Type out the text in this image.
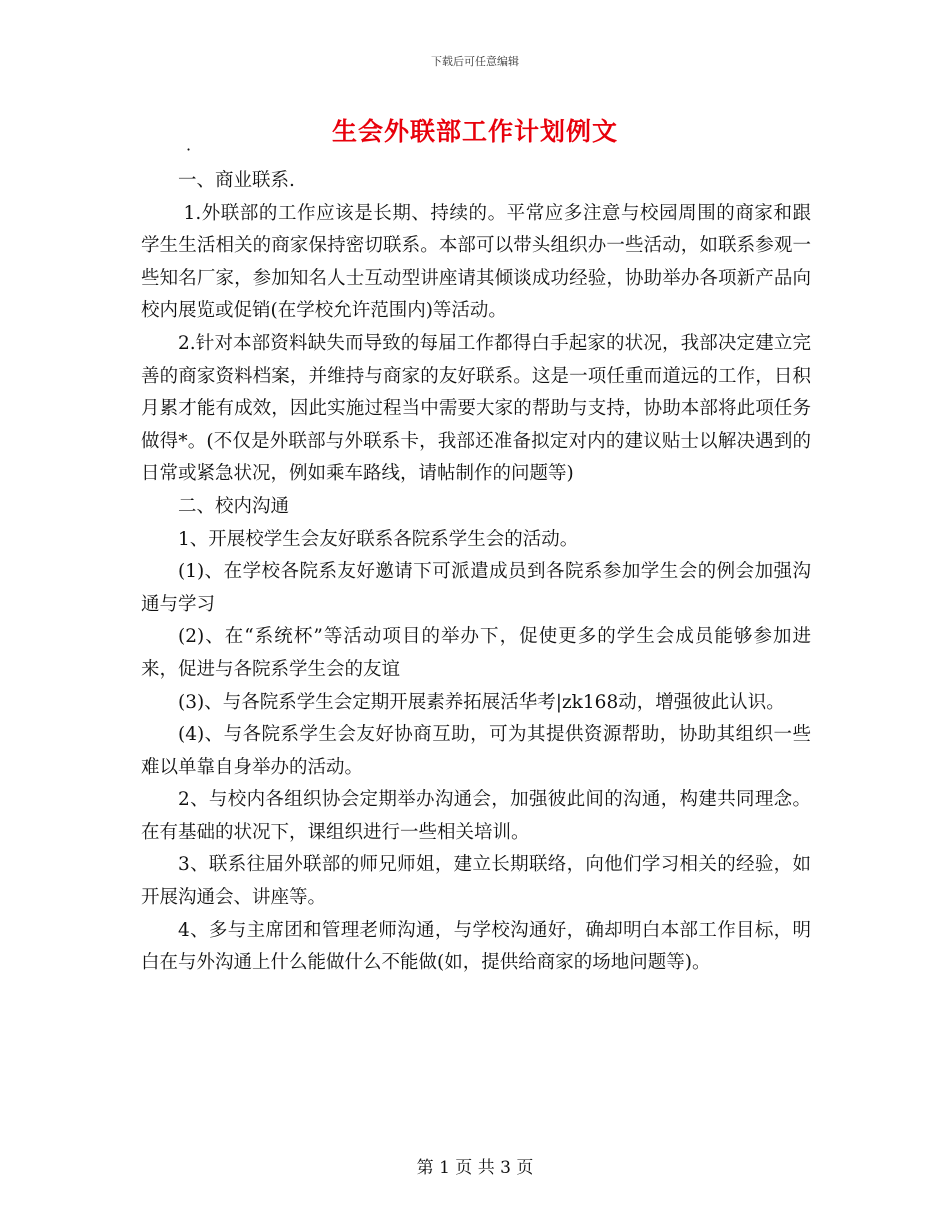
下载后可任意编辑
生会外联部工作计划例文
·

一、商业联系.

1.外联部的工作应该是长期、持续的。平常应多注意与校园周围的商家和跟学生生活相关的商家保持密切联系。本部可以带头组织办一些活动，如联系参观一些知名厂家，参加知名人士互动型讲座请其倾谈成功经验，协助举办各项新产品向校内展览或促销(在学校允许范围内)等活动。

2.针对本部资料缺失而导致的每届工作都得白手起家的状况，我部决定建立完善的商家资料档案，并维持与商家的友好联系。这是一项任重而道远的工作，日积月累才能有成效，因此实施过程当中需要大家的帮助与支持，协助本部将此项任务做得*。(不仅是外联部与外联系卡，我部还准备拟定对内的建议贴士以解决遇到的日常或紧急状况，例如乘车路线，请帖制作的问题等)

二、校内沟通

1、开展校学生会友好联系各院系学生会的活动。

(1)、在学校各院系友好邀请下可派遣成员到各院系参加学生会的例会加强沟通与学习

(2)、在“系统杯”等活动项目的举办下，促使更多的学生会成员能够参加进来，促进与各院系学生会的友谊

(3)、与各院系学生会定期开展素养拓展活华考|zk168动，增强彼此认识。

(4)、与各院系学生会友好协商互助，可为其提供资源帮助，协助其组织一些难以单靠自身举办的活动。

2、与校内各组织协会定期举办沟通会，加强彼此间的沟通，构建共同理念。在有基础的状况下，课组织进行一些相关培训。

3、联系往届外联部的师兄师姐，建立长期联络，向他们学习相关的经验，如开展沟通会、讲座等。

4、多与主席团和管理老师沟通，与学校沟通好，确却明白本部工作目标，明白在与外沟通上什么能做什么不能做(如，提供给商家的场地问题等)。

第 1 页 共 3 页
